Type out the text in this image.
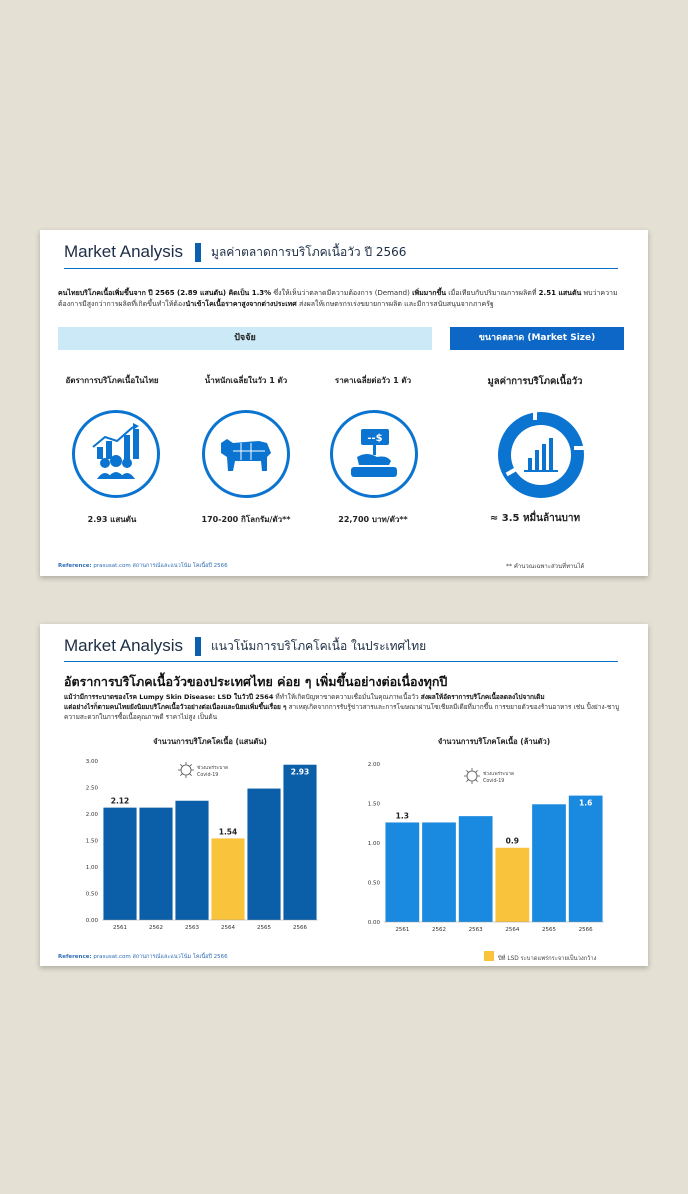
Market Analysis มูลค่าตลาดการบริโภคเนื้อวัว ปี 2566
คนไทยบริโภคเนื้อเพิ่มขึ้นจาก ปี 2565 (2.89 แสนตัน) คิดเป็น 1.3% ซึ่งให้เห็นว่าตลาดมีความต้องการ (Demand) เพิ่มมากขึ้น เมื่อเทียบกับปริมาณการผลิตที่ 2.51 แสนตัน พบว่าความต้องการมีสูงกว่าการผลิตที่เกิดขึ้นทำให้ต้องนำเข้าโคเนื้อราคาสูงจากต่างประเทศ ส่งผลให้เกษตรกรเร่งขยายการผลิต และมีการสนับสนุนจากภาครัฐ
ปัจจัย	ขนาดตลาด (Market Size)
อัตราการบริโภคเนื้อในไทย
2.93 แสนตัน
น้ำหนักเฉลี่ยในวัว 1 ตัว
170-200 กิโลกรัม/ตัว**
ราคาเฉลี่ยต่อวัว 1 ตัว
--$
22,700 บาท/ตัว**
มูลค่าการบริโภคเนื้อวัว
≈ 3.5 หมื่นล้านบาท
Reference: prasusat.com สถานการณ์และแนวโน้ม โคเนื้อปี 2566	** คำนวณเฉพาะส่วนที่ทานได้
Market Analysis แนวโน้มการบริโภคโคเนื้อ ในประเทศไทย
อัตราการบริโภคเนื้อวัวของประเทศไทย ค่อย ๆ เพิ่มขึ้นอย่างต่อเนื่องทุกปี
แม้ว่ามีการระบาดของโรค Lumpy Skin Disease: LSD ในวัวปี 2564 ที่ทำให้เกิดปัญหาขาดความเชื่อมั่นในคุณภาพเนื้อวัว ส่งผลให้อัตราการบริโภคเนื้อลดลงไปจากเดิม
แต่อย่างไรก็ตามคนไทยยังนิยมบริโภคเนื้อวัวอย่างต่อเนื่องและนิยมเพิ่มขึ้นเรื่อย ๆ สาเหตุเกิดจากการรับรู้ข่าวสารและการโฆษณาผ่านโซเชียลมีเดียที่มากขึ้น การขยายตัวของร้านอาหาร เช่น ปิ้งย่าง-ชาบู ความสะดวกในการซื้อเนื้อคุณภาพดี ราคาไม่สูง เป็นต้น
จำนวนการบริโภคโคเนื้อ (แสนตัน)
0.00
0.50
1.00
1.50
2.00
2.50
3.00
2561
2.12
2562	2563	2564
1.54
2565	2566
2.93
ช่วงแพร่ระบาด
Covid-19
จำนวนการบริโภคโคเนื้อ (ล้านตัว)
0.00
0.50
1.00
1.50
2.00
2561
1.3
2562	2563	2564
0.9
2565	2566
1.6
ช่วงแพร่ระบาด
Covid-19
Reference: prasusat.com สถานการณ์และแนวโน้ม โคเนื้อปี 2566	ปีที่ LSD ระบาดแพร่กระจายเป็นวงกว้าง
